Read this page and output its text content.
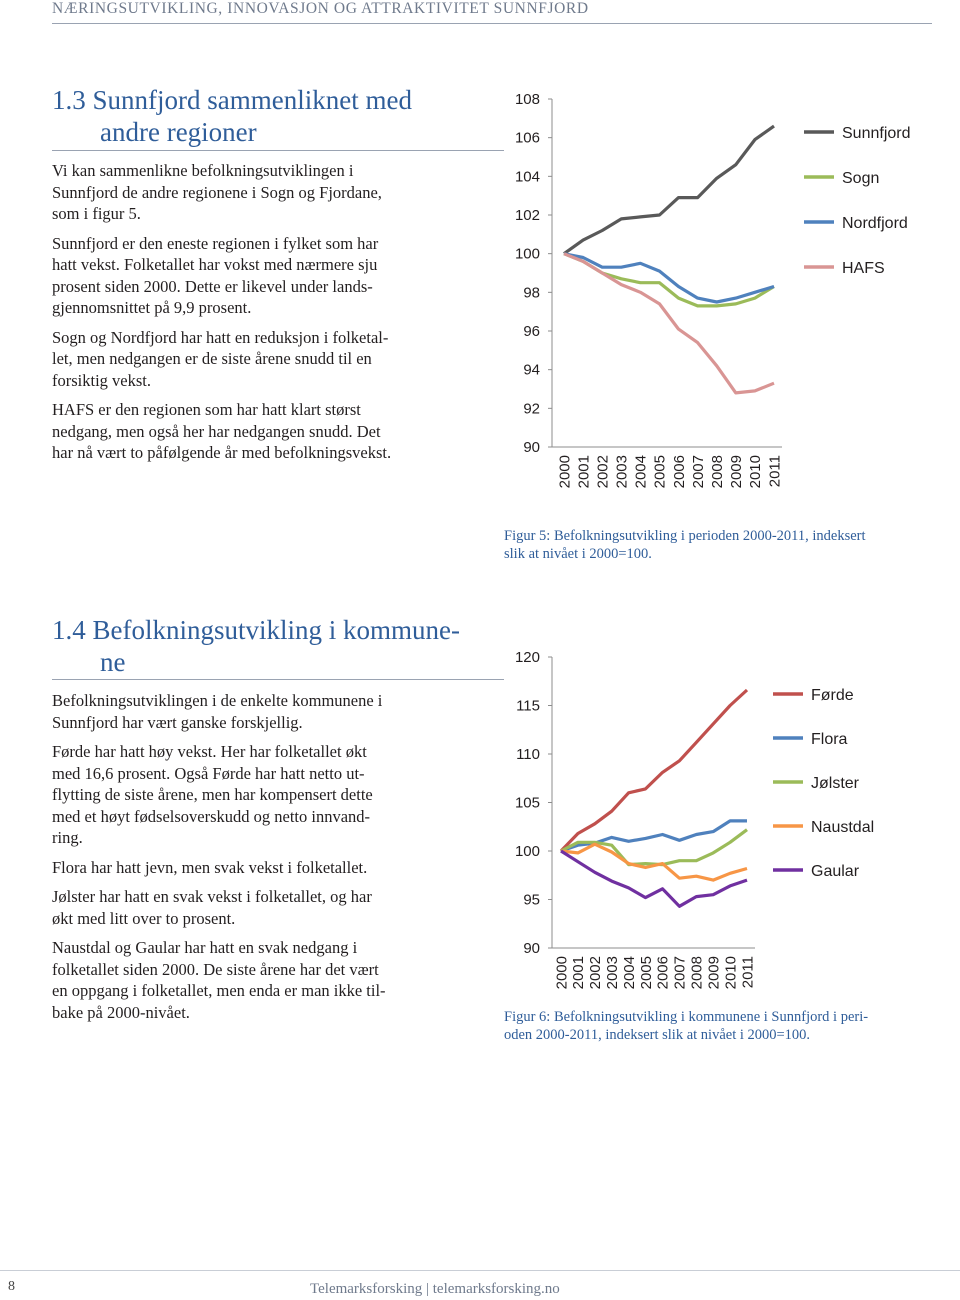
NÆRINGSUTVIKLING, INNOVASJON OG ATTRAKTIVITET SUNNFJORD
1.3 Sunnfjord sammenliknet med
andre regioner

Vi kan sammenlikne befolkningsutviklingen i
Sunnfjord de andre regionene i Sogn og Fjordane,
som i figur 5.

Sunnfjord er den eneste regionen i fylket som har
hatt vekst. Folketallet har vokst med nærmere sju
prosent siden 2000. Dette er likevel under lands-
gjennomsnittet på 9,9 prosent.

Sogn og Nordfjord har hatt en reduksjon i folketal-
let, men nedgangen er de siste årene snudd til en
forsiktig vekst.

HAFS er den regionen som har hatt klart størst
nedgang, men også her har nedgangen snudd. Det
har nå vært to påfølgende år med befolkningsvekst.

108
106
104
102
100
98
96
94
92
90
2000 2001 2002 2003 2004 2005 2006 2007 2008 2009 2010 2011
Sunnfjord
Sogn
Nordfjord
HAFS
Figur 5: Befolkningsutvikling i perioden 2000-2011, indeksert
slik at nivået i 2000=100.
1.4 Befolkningsutvikling i kommune-
ne

Befolkningsutviklingen i de enkelte kommunene i
Sunnfjord har vært ganske forskjellig.

Førde har hatt høy vekst. Her har folketallet økt
med 16,6 prosent. Også Førde har hatt netto ut-
flytting de siste årene, men har kompensert dette
med et høyt fødselsoverskudd og netto innvand-
ring.

Flora har hatt jevn, men svak vekst i folketallet.

Jølster har hatt en svak vekst i folketallet, og har
økt med litt over to prosent.

Naustdal og Gaular har hatt en svak nedgang i
folketallet siden 2000. De siste årene har det vært
en oppgang i folketallet, men enda er man ikke til-
bake på 2000-nivået.

120
115
110
105
100
95
90
2000 2001 2002 2003 2004 2005 2006 2007 2008 2009 2010 2011
Førde
Flora
Jølster
Naustdal
Gaular
Figur 6: Befolkningsutvikling i kommunene i Sunnfjord i peri-
oden 2000-2011, indeksert slik at nivået i 2000=100.
8	Telemarksforsking | telemarksforsking.no
